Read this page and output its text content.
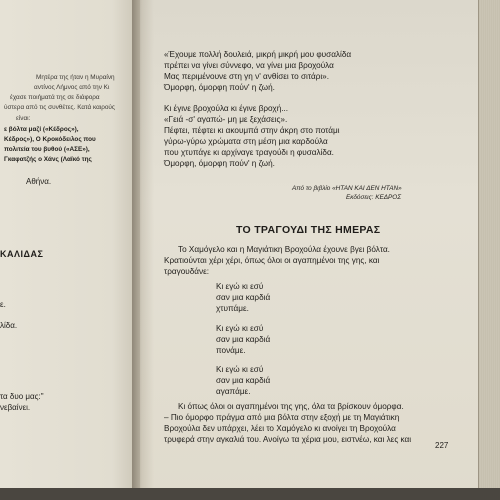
Μητέρα της ήταν η Μυραίνη
αντίνος Λήμνος από την Κι
έχασε ποιήματά της σε διάφορα
ύστερα από τις συνθέτες. Κατά καιρούς
είναι:
ε βόλτα μαζί («Κέδρος»),
Κέδρος»), Ο Κροκόδειλος που
πολιτεία του βυθού («ΑΣΕ»),
Γκαφατζής ο Χάνς (Λαϊκό της
Αθήνα.
ΚΑΛΙΔΑΣ
ε.
λίδα.
τα δυο μας:"
νεβαίνει.
«Έχουμε πολλή δουλειά, μικρή μικρή μου φυσαλίδα
πρέπει να γίνει σύννεφο, να γίνει μια βροχούλα
Μας περιμένουνε στη γη ν' ανθίσει το σιτάρι».
Όμορφη, όμορφη πούν' η ζωή.
Κι έγινε βροχούλα κι έγινε βροχή...
«Γειά -σ' αγαπώ- μη με ξεχάσεις».
Πέφτει, πέφτει κι ακουμπά στην άκρη στο ποτάμι
γύρω-γύρω χρώματα στη μέση μια καρδούλα
που χτυπάγε κι αρχίναγε τραγούδι η φυσαλίδα.
Όμορφη, όμορφη πούν' η ζωή.
Από το βιβλίο «ΗΤΑΝ ΚΑΙ ΔΕΝ ΗΤΑΝ»
Εκδόσεις: ΚΕΔΡΟΣ
ΤΟ ΤΡΑΓΟΥΔΙ ΤΗΣ ΗΜΕΡΑΣ
Το Χαμόγελο και η Μαγιάτικη Βροχούλα έχουνε βγει βόλτα.
Κρατιούνται χέρι χέρι, όπως όλοι οι αγαπημένοι της γης, και
τραγουδάνε:
Κι εγώ κι εσύ
σαν μια καρδιά
χτυπάμε.
Κι εγώ κι εσύ
σαν μια καρδιά
πονάμε.
Κι εγώ κι εσύ
σαν μια καρδιά
αγαπάμε.
Κι όπως όλοι οι αγαπημένοι της γης, όλα τα βρίσκουν όμορφα.
– Πιο όμορφο πράγμα από μια βόλτα στην εξοχή με τη Μαγιάτικη
Βροχούλα δεν υπάρχει, λέει το Χαμόγελο κι ανοίγει τη Βροχούλα
τρυφερά στην αγκαλιά του. Ανοίγω τα χέρια μου, ειστνέω, και λες και
227
